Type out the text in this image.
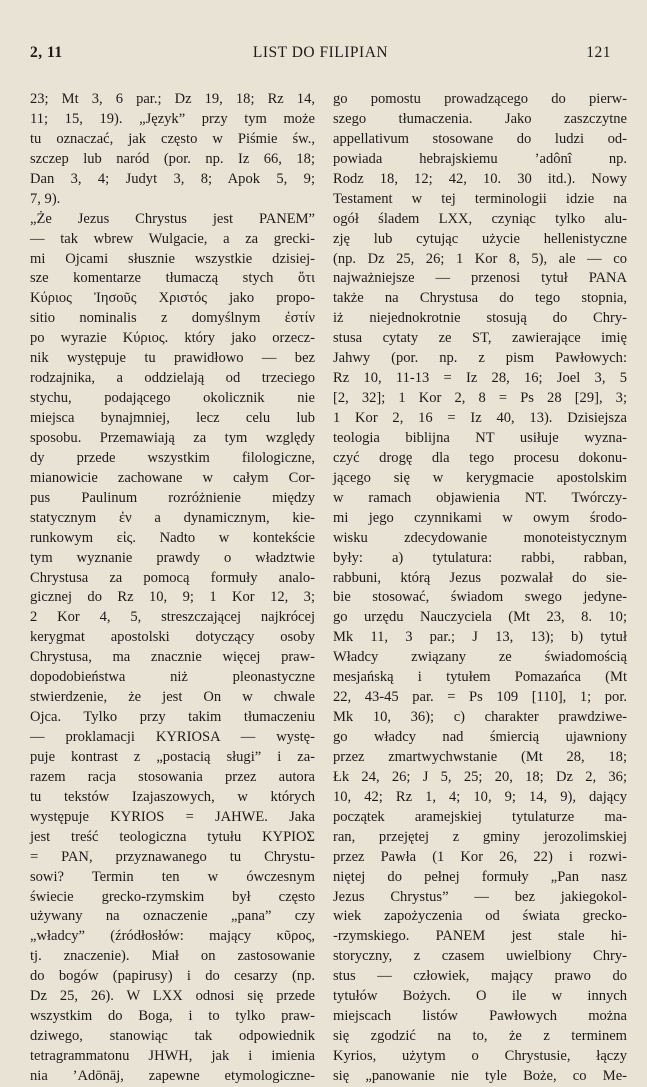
2, 11	LIST DO FILIPIAN	121
23; Mt 3, 6 par.; Dz 19, 18; Rz 14,
11; 15, 19). „Język” przy tym może
tu oznaczać, jak często w Piśmie św.,
szczep lub naród (por. np. Iz 66, 18;
Dan 3, 4; Judyt 3, 8; Apok 5, 9;
7, 9).
„Że Jezus Chrystus jest PANEM”
— tak wbrew Wulgacie, a za grecki-
mi Ojcami słusznie wszystkie dzisiej-
sze komentarze tłumaczą stych ὅτι
Κύριος Ἰησοῦς Χριστός jako propo-
sitio nominalis z domyślnym ἐστίν
po wyrazie Κύριος. który jako orzecz-
nik występuje tu prawidłowo — bez
rodzajnika, a oddzielają od trzeciego
stychu, podającego okolicznik nie
miejsca bynajmniej, lecz celu lub
sposobu. Przemawiają za tym względy
dy przede wszystkim filologiczne,
mianowicie zachowane w całym Cor-
pus Paulinum rozróżnienie między
statycznym ἐν a dynamicznym, kie-
runkowym εἰς. Nadto w kontekście
tym wyznanie prawdy o władztwie
Chrystusa za pomocą formuły analo-
gicznej do Rz 10, 9; 1 Kor 12, 3;
2 Kor 4, 5, streszczającej najkrócej
kerygmat apostolski dotyczący osoby
Chrystusa, ma znacznie więcej praw-
dopodobieństwa niż pleonastyczne
stwierdzenie, że jest On w chwale
Ojca. Tylko przy takim tłumaczeniu
— proklamacji KYRIOSA — wystę-
puje kontrast z „postacią sługi” i za-
razem racja stosowania przez autora
tu tekstów Izajaszowych, w których
występuje KYRIOS = JAHWE. Jaka
jest treść teologiczna tytułu ΚΥΡΙΟΣ
= PAN, przyznawanego tu Chrystu-
sowi? Termin ten w ówczesnym
świecie grecko-rzymskim był często
używany na oznaczenie „pana” czy
„władcy” (źródłosłów: mający κῦρος,
tj. znaczenie). Miał on zastosowanie
do bogów (papirusy) i do cesarzy (np.
Dz 25, 26). W LXX odnosi się przede
wszystkim do Boga, i to tylko praw-
dziwego, stanowiąc tak odpowiednik
tetragrammatonu JHWH, jak i imienia
nia ’Adōnāj, zapewne etymologiczne-
go pomostu prowadzącego do pierw-
szego tłumaczenia. Jako zaszczytne
appellativum stosowane do ludzi od-
powiada hebrajskiemu ’adônî np.
Rodz 18, 12; 42, 10. 30 itd.). Nowy
Testament w tej terminologii idzie na
ogół śladem LXX, czyniąc tylko alu-
zję lub cytując użycie hellenistyczne
(np. Dz 25, 26; 1 Kor 8, 5), ale — co
najważniejsze — przenosi tytuł PANA
także na Chrystusa do tego stopnia,
iż niejednokrotnie stosują do Chry-
stusa cytaty ze ST, zawierające imię
Jahwy (por. np. z pism Pawłowych:
Rz 10, 11-13 = Iz 28, 16; Joel 3, 5
[2, 32]; 1 Kor 2, 8 = Ps 28 [29], 3;
1 Kor 2, 16 = Iz 40, 13). Dzisiejsza
teologia biblijna NT usiłuje wyzna-
czyć drogę dla tego procesu dokonu-
jącego się w kerygmacie apostolskim
w ramach objawienia NT. Twórczy-
mi jego czynnikami w owym środo-
wisku zdecydowanie monoteistycznym
były: a) tytulatura: rabbi, rabban,
rabbuni, którą Jezus pozwalał do sie-
bie stosować, świadom swego jedyne-
go urzędu Nauczyciela (Mt 23, 8. 10;
Mk 11, 3 par.; J 13, 13); b) tytuł
Władcy związany ze świadomością
mesjańską i tytułem Pomazańca (Mt
22, 43-45 par. = Ps 109 [110], 1; por.
Mk 10, 36); c) charakter prawdziwe-
go władcy nad śmiercią ujawniony
przez zmartwychwstanie (Mt 28, 18;
Łk 24, 26; J 5, 25; 20, 18; Dz 2, 36;
10, 42; Rz 1, 4; 10, 9; 14, 9), dający
początek aramejskiej tytulaturze ma-
ran, przejętej z gminy jerozolimskiej
przez Pawła (1 Kor 26, 22) i rozwi-
niętej do pełnej formuły „Pan nasz
Jezus Chrystus” — bez jakiegokol-
wiek zapożyczenia od świata grecko-
-rzymskiego. PANEM jest stale hi-
storyczny, z czasem uwielbiony Chry-
stus — człowiek, mający prawo do
tytułów Bożych. O ile w innych
miejscach listów Pawłowych można
się zgodzić na to, że z terminem
Kyrios, użytym o Chrystusie, łączy
się „panowanie nie tyle Boże, co Me-
